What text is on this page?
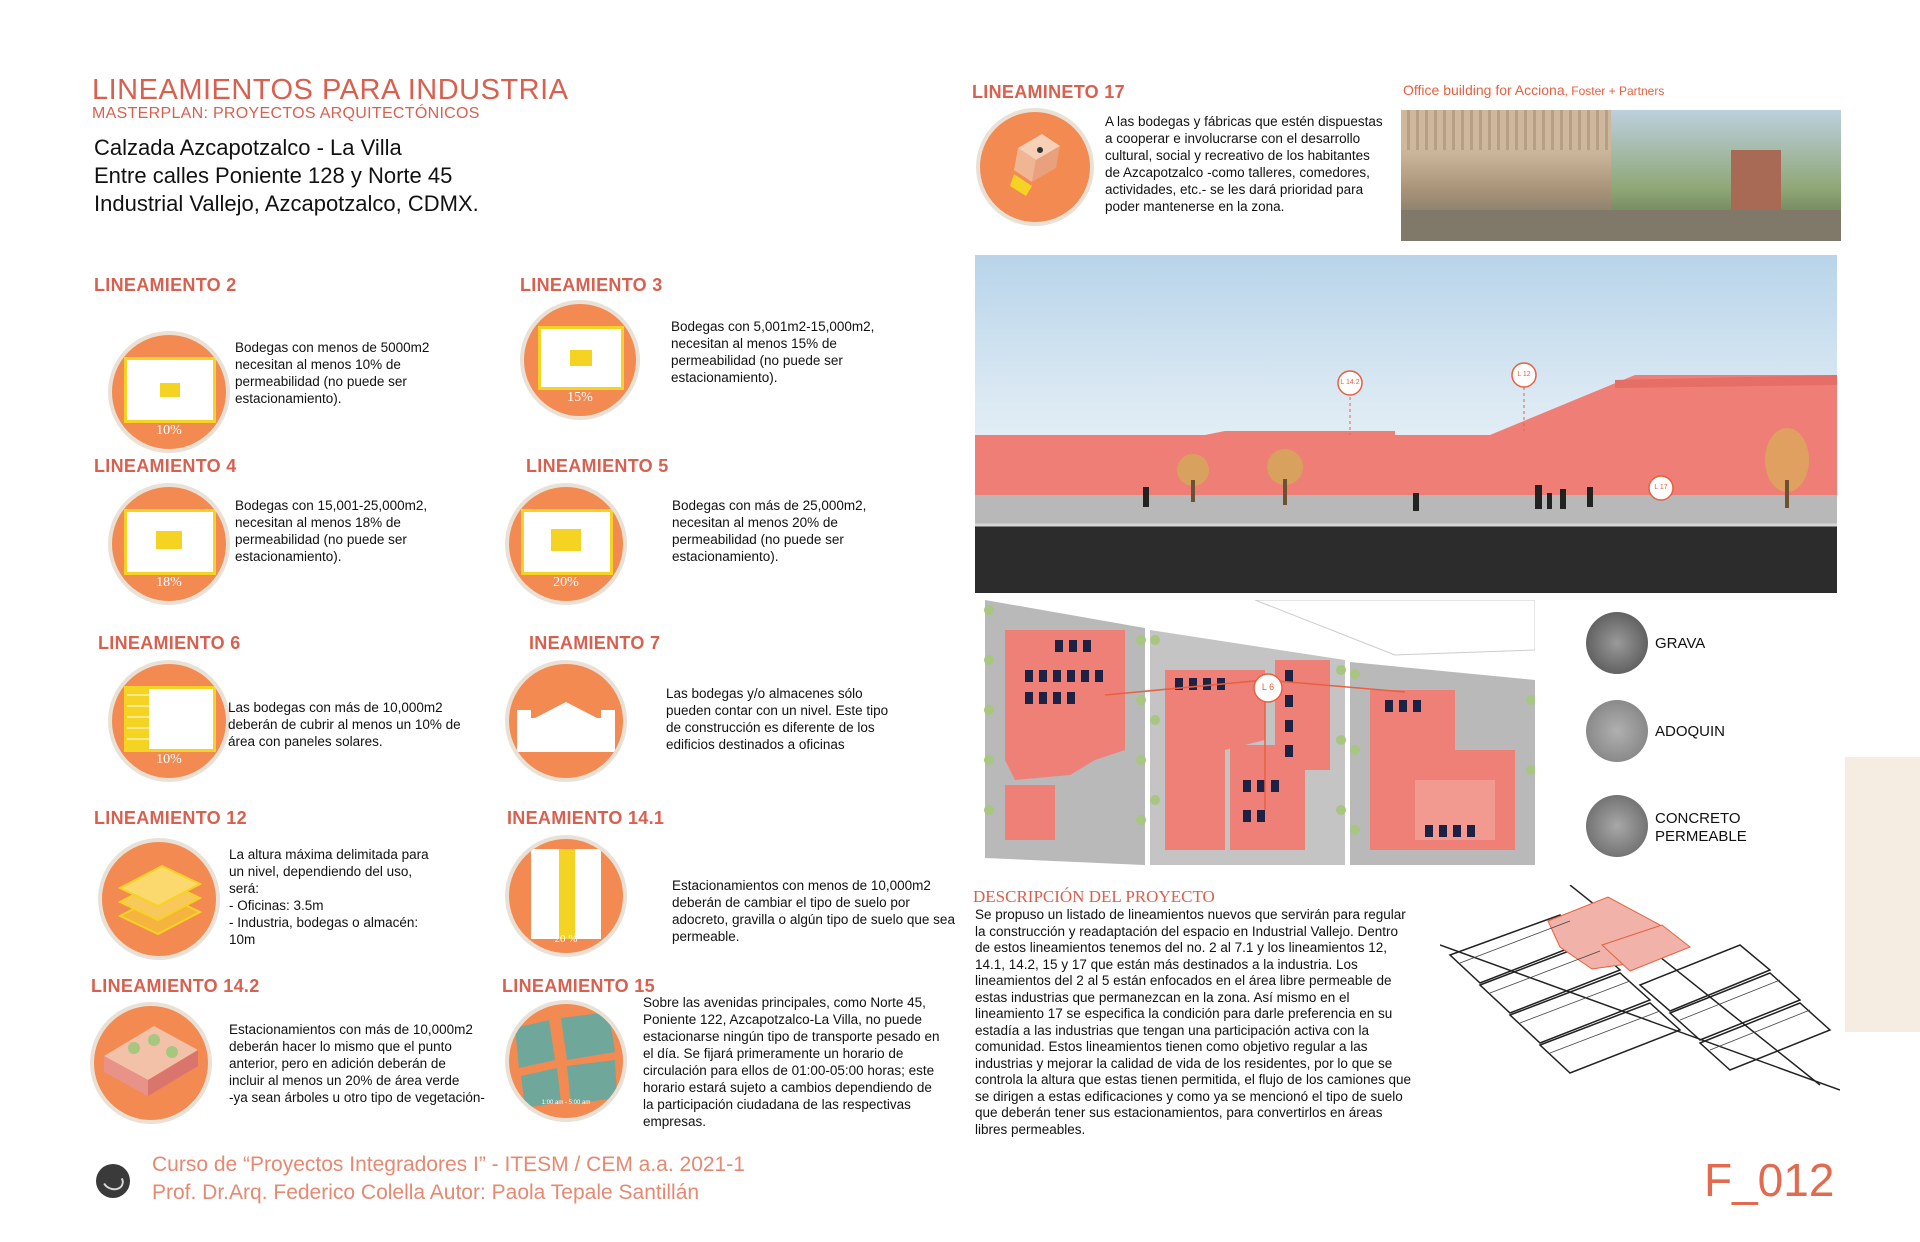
LINEAMIENTOS PARA INDUSTRIA
MASTERPLAN: PROYECTOS ARQUITECTÓNICOS
Calzada Azcapotzalco - La Villa
Entre calles Poniente 128 y Norte 45
Industrial Vallejo, Azcapotzalco, CDMX.
LINEAMIENTO 2
10%
Bodegas con menos de 5000m2 necesitan al menos 10% de permeabilidad (no puede ser estacionamiento).
LINEAMIENTO 3
15%
Bodegas con 5,001m2-15,000m2, necesitan al menos 15% de permeabilidad (no puede ser estacionamiento).
LINEAMIENTO 4
18%
Bodegas con 15,001-25,000m2, necesitan al menos 18% de permeabilidad (no puede ser estacionamiento).
LINEAMIENTO 5
20%
Bodegas con más de 25,000m2, necesitan al menos 20% de permeabilidad (no puede ser estacionamiento).
LINEAMIENTO 6
10%
Las bodegas con más de 10,000m2 deberán de cubrir al menos un 10% de área con paneles solares.
INEAMIENTO 7
Las bodegas y/o almacenes sólo pueden contar con un nivel. Este tipo de construcción es diferente de los edificios destinados a oficinas
LINEAMIENTO 12
La altura máxima delimitada para
un nivel, dependiendo del uso,
será:
- Oficinas: 3.5m
- Industria, bodegas o almacén:
10m
INEAMIENTO 14.1
20 %
Estacionamientos con menos de 10,000m2 deberán de cambiar el tipo de suelo por adocreto, gravilla o algún tipo de suelo que sea permeable.
LINEAMIENTO 14.2
Estacionamientos con más de 10,000m2
deberán hacer lo mismo que el punto
anterior, pero en adición deberán de
incluir al menos un 20% de área verde
-ya sean árboles u otro tipo de vegetación-
LINEAMIENTO 15
1:00 am - 5:00 am
Sobre las avenidas principales, como Norte 45, Poniente 122, Azcapotzalco-La Villa, no puede estacionarse ningún tipo de transporte pesado en el día. Se fijará primeramente un horario de circulación para ellos de 01:00-05:00 horas; este horario estará sujeto a cambios dependiendo de la participación ciudadana de las respectivas empresas.
LINEAMINETO 17
A las bodegas y fábricas que estén dispuestas a cooperar e involucrarse con el desarrollo cultural, social y recreativo de los habitantes de Azcapotzalco -como talleres, comedores, actividades, etc.- se les dará prioridad para poder mantenerse en la zona.
Office building for Acciona, Foster + Partners
L 14.2
L 12
L 17
L 6
GRAVA
ADOQUIN
CONCRETO
PERMEABLE
DESCRIPCIÓN DEL PROYECTO
Se propuso un listado de lineamientos nuevos que servirán para regular
la construcción y readaptación del espacio en Industrial Vallejo. Dentro
de estos lineamientos tenemos del no. 2 al 7.1 y los lineamientos 12,
14.1, 14.2, 15 y 17 que están más destinados a la industria. Los
lineamientos del 2 al 5 están enfocados en el área libre permeable de
estas industrias que permanezcan en la zona. Así mismo en el
lineamiento 17 se especifica la condición para darle preferencia en su
estadía a las industrias que tengan una participación activa con la
comunidad. Estos lineamientos tienen como objetivo regular a las
industrias y mejorar la calidad de vida de los residentes, por lo que se
controla la altura que estas tienen permitida, el flujo de los camiones que
se dirigen a estas edificaciones y como ya se mencionó el tipo de suelo
que deberán tener sus estacionamientos, para convertirlos en áreas
libres permeables.
Curso de “Proyectos Integradores I” - ITESM / CEM a.a. 2021-1
Prof. Dr.Arq. Federico Colella Autor: Paola Tepale Santillán	F_012
